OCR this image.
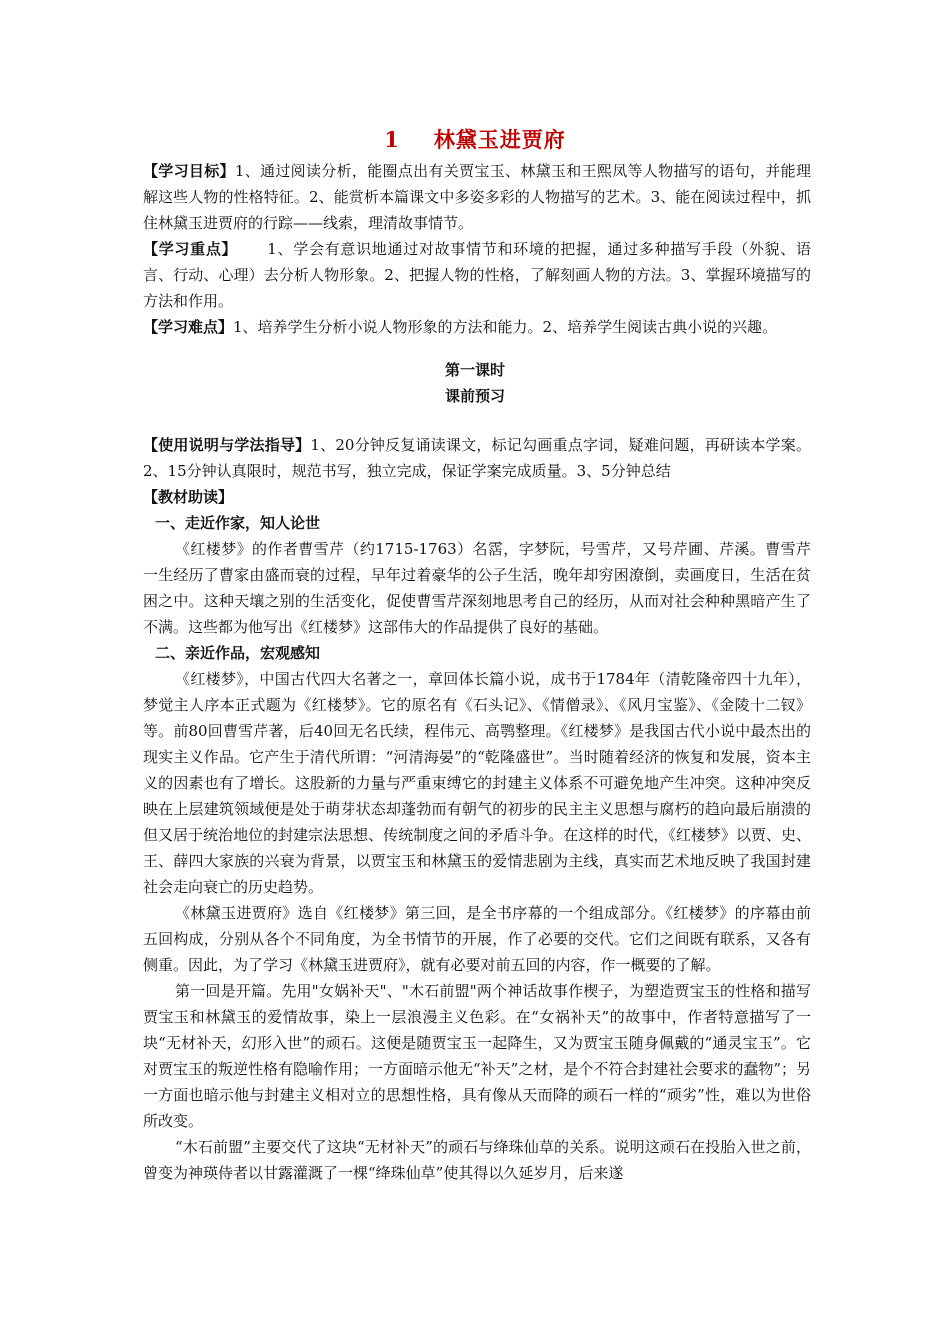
1 林黛玉进贾府

【学习目标】1、通过阅读分析，能圈点出有关贾宝玉、林黛玉和王熙凤等人物描写的语句，并能理解这些人物的性格特征。2、能赏析本篇课文中多姿多彩的人物描写的艺术。3、能在阅读过程中，抓住林黛玉进贾府的行踪——线索，理清故事情节。

【学习重点】 1、学会有意识地通过对故事情节和环境的把握，通过多种描写手段（外貌、语言、行动、心理）去分析人物形象。2、把握人物的性格，了解刻画人物的方法。3、掌握环境描写的方法和作用。

【学习难点】1、培养学生分析小说人物形象的方法和能力。2、培养学生阅读古典小说的兴趣。

第一课时
课前预习

【使用说明与学法指导】1、20分钟反复诵读课文，标记勾画重点字词，疑难问题，再研读本学案。2、15分钟认真限时，规范书写，独立完成，保证学案完成质量。3、5分钟总结

【教材助读】

一、走近作家，知人论世

《红楼梦》的作者曹雪芹（约1715-1763）名霑，字梦阮，号雪芹，又号芹圃、芹溪。曹雪芹一生经历了曹家由盛而衰的过程，早年过着豪华的公子生活，晚年却穷困潦倒，卖画度日，生活在贫困之中。这种天壤之别的生活变化，促使曹雪芹深刻地思考自己的经历，从而对社会种种黑暗产生了不满。这些都为他写出《红楼梦》这部伟大的作品提供了良好的基础。

二、亲近作品，宏观感知

《红楼梦》，中国古代四大名著之一，章回体长篇小说，成书于1784年（清乾隆帝四十九年），梦觉主人序本正式题为《红楼梦》。它的原名有《石头记》、《情僧录》、《风月宝鉴》、《金陵十二钗》等。前80回曹雪芹著，后40回无名氏续，程伟元、高鹗整理。《红楼梦》是我国古代小说中最杰出的现实主义作品。它产生于清代所谓：“河清海晏”的“乾隆盛世”。当时随着经济的恢复和发展，资本主义的因素也有了增长。这股新的力量与严重束缚它的封建主义体系不可避免地产生冲突。这种冲突反映在上层建筑领域便是处于萌芽状态却蓬勃而有朝气的初步的民主主义思想与腐朽的趋向最后崩溃的但又居于统治地位的封建宗法思想、传统制度之间的矛盾斗争。在这样的时代，《红楼梦》以贾、史、王、薛四大家族的兴衰为背景，以贾宝玉和林黛玉的爱情悲剧为主线，真实而艺术地反映了我国封建社会走向衰亡的历史趋势。

《林黛玉进贾府》选自《红楼梦》第三回，是全书序幕的一个组成部分。《红楼梦》的序幕由前五回构成，分别从各个不同角度，为全书情节的开展，作了必要的交代。它们之间既有联系，又各有侧重。因此，为了学习《林黛玉进贾府》，就有必要对前五回的内容，作一概要的了解。

第一回是开篇。先用"女娲补天"、"木石前盟"两个神话故事作楔子，为塑造贾宝玉的性格和描写贾宝玉和林黛玉的爱情故事，染上一层浪漫主义色彩。在“女祸补天”的故事中，作者特意描写了一块“无材补天，幻形入世”的顽石。这便是随贾宝玉一起降生，又为贾宝玉随身佩戴的“通灵宝玉”。它对贾宝玉的叛逆性格有隐喻作用；一方面暗示他无“补天”之材，是个不符合封建社会要求的蠢物”；另一方面也暗示他与封建主义相对立的思想性格，具有像从天而降的顽石一样的“顽劣”性，难以为世俗所改变。

“木石前盟”主要交代了这块“无材补天”的顽石与绛珠仙草的关系。说明这顽石在投胎入世之前，曾变为神瑛侍者以甘露灌溉了一棵“绛珠仙草”使其得以久延岁月，后来遂
